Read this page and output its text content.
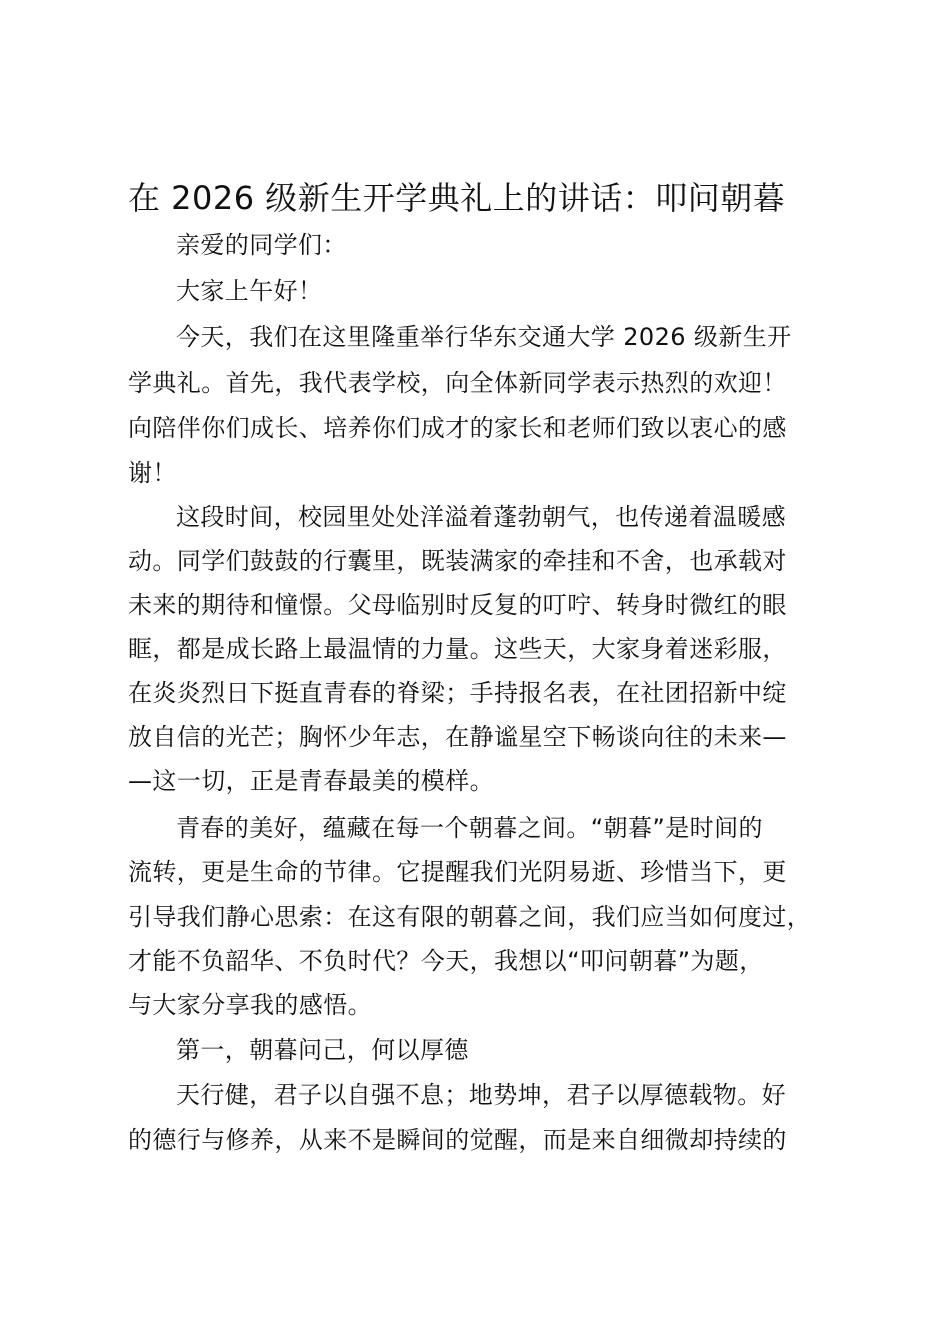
在 2026 级新生开学典礼上的讲话：叩问朝暮

亲爱的同学们：

大家上午好！

今天，我们在这里隆重举行华东交通大学 2026 级新生开

学典礼。首先，我代表学校，向全体新同学表示热烈的欢迎！

向陪伴你们成长、培养你们成才的家长和老师们致以衷心的感

谢！

这段时间，校园里处处洋溢着蓬勃朝气，也传递着温暖感

动。同学们鼓鼓的行囊里，既装满家的牵挂和不舍，也承载对

未来的期待和憧憬。父母临别时反复的叮咛、转身时微红的眼

眶，都是成长路上最温情的力量。这些天，大家身着迷彩服，

在炎炎烈日下挺直青春的脊梁；手持报名表，在社团招新中绽

放自信的光芒；胸怀少年志，在静谧星空下畅谈向往的未来—

—这一切，正是青春最美的模样。

青春的美好，蕴藏在每一个朝暮之间。“朝暮”是时间的

流转，更是生命的节律。它提醒我们光阴易逝、珍惜当下，更

引导我们静心思索：在这有限的朝暮之间，我们应当如何度过，

才能不负韶华、不负时代？今天，我想以“叩问朝暮”为题，

与大家分享我的感悟。

第一，朝暮问己，何以厚德

天行健，君子以自强不息；地势坤，君子以厚德载物。好

的德行与修养，从来不是瞬间的觉醒，而是来自细微却持续的
